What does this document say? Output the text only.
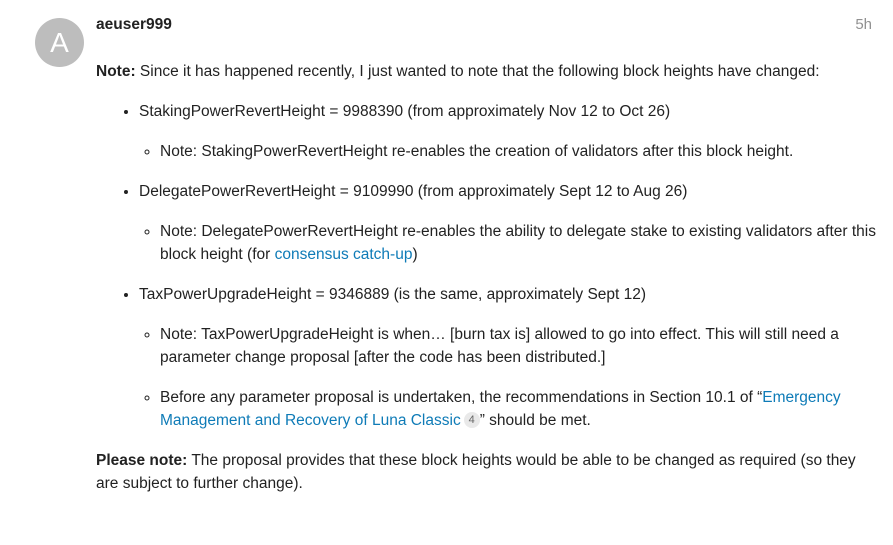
A
aeuser999	5h

Note: Since it has happened recently, I just wanted to note that the following block heights have changed:

• StakingPowerRevertHeight = 9988390 (from approximately Nov 12 to Oct 26)
◦ Note: StakingPowerRevertHeight re-enables the creation of validators after this block height.
• DelegatePowerRevertHeight = 9109990 (from approximately Sept 12 to Aug 26)
◦ Note: DelegatePowerRevertHeight re-enables the ability to delegate stake to existing validators after this block height (for consensus catch-up)
• TaxPowerUpgradeHeight = 9346889 (is the same, approximately Sept 12)
◦ Note: TaxPowerUpgradeHeight is when… [burn tax is] allowed to go into effect. This will still need a parameter change proposal [after the code has been distributed.]
◦ Before any parameter proposal is undertaken, the recommendations in Section 10.1 of “Emergency Management and Recovery of Luna Classic 4 ” should be met.

Please note: The proposal provides that these block heights would be able to be changed as required (so they are subject to further change).
